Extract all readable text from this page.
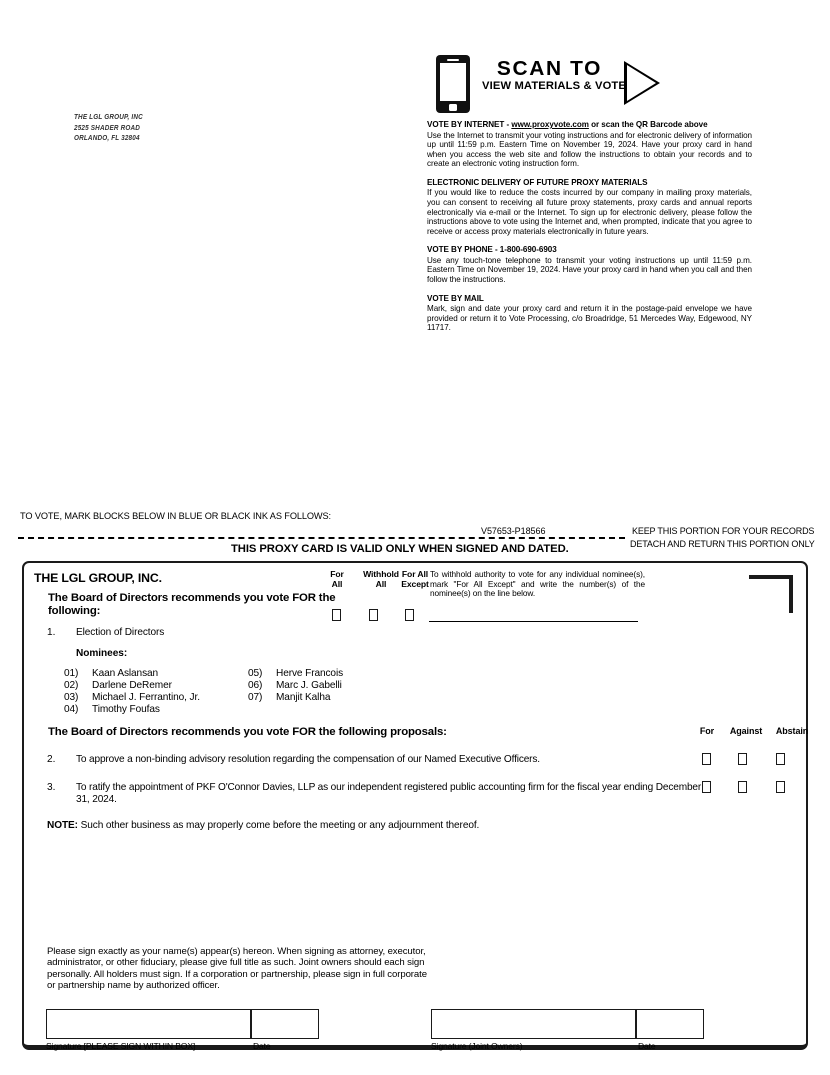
THE LGL GROUP, INC
2525 SHADER ROAD
ORLANDO, FL 32804
SCAN TO
VIEW MATERIALS & VOTE
VOTE BY INTERNET - www.proxyvote.com or scan the QR Barcode above
Use the Internet to transmit your voting instructions and for electronic delivery of information up until 11:59 p.m. Eastern Time on November 19, 2024. Have your proxy card in hand when you access the web site and follow the instructions to obtain your records and to create an electronic voting instruction form.
ELECTRONIC DELIVERY OF FUTURE PROXY MATERIALS
If you would like to reduce the costs incurred by our company in mailing proxy materials, you can consent to receiving all future proxy statements, proxy cards and annual reports electronically via e-mail or the Internet. To sign up for electronic delivery, please follow the instructions above to vote using the Internet and, when prompted, indicate that you agree to receive or access proxy materials electronically in future years.
VOTE BY PHONE - 1-800-690-6903
Use any touch-tone telephone to transmit your voting instructions up until 11:59 p.m. Eastern Time on November 19, 2024. Have your proxy card in hand when you call and then follow the instructions.
VOTE BY MAIL
Mark, sign and date your proxy card and return it in the postage-paid envelope we have provided or return it to Vote Processing, c/o Broadridge, 51 Mercedes Way, Edgewood, NY 11717.
TO VOTE, MARK BLOCKS BELOW IN BLUE OR BLACK INK AS FOLLOWS:
V57653-P18566	KEEP THIS PORTION FOR YOUR RECORDS
DETACH AND RETURN THIS PORTION ONLY
THIS PROXY CARD IS VALID ONLY WHEN SIGNED AND DATED.
THE LGL GROUP, INC.
The Board of Directors recommends you vote FOR the following:
1. Election of Directors
For
All
Withhold
All
For All
Except
To withhold authority to vote for any individual nominee(s), mark "For All Except" and write the number(s) of the nominee(s) on the line below.
Nominees:
01) Kaan Aslansan
02) Darlene DeRemer
03) Michael J. Ferrantino, Jr.
04) Timothy Foufas
05) Herve Francois
06) Marc J. Gabelli
07) Manjit Kalha
The Board of Directors recommends you vote FOR the following proposals:	For	Against	Abstain
2. To approve a non-binding advisory resolution regarding the compensation of our Named Executive Officers.
3. To ratify the appointment of PKF O'Connor Davies, LLP as our independent registered public accounting firm for the fiscal year ending December 31, 2024.
NOTE: Such other business as may properly come before the meeting or any adjournment thereof.
Please sign exactly as your name(s) appear(s) hereon. When signing as attorney, executor, administrator, or other fiduciary, please give full title as such. Joint owners should each sign personally. All holders must sign. If a corporation or partnership, please sign in full corporate or partnership name by authorized officer.
Signature [PLEASE SIGN WITHIN BOX]	Date	Signature (Joint Owners)	Date
